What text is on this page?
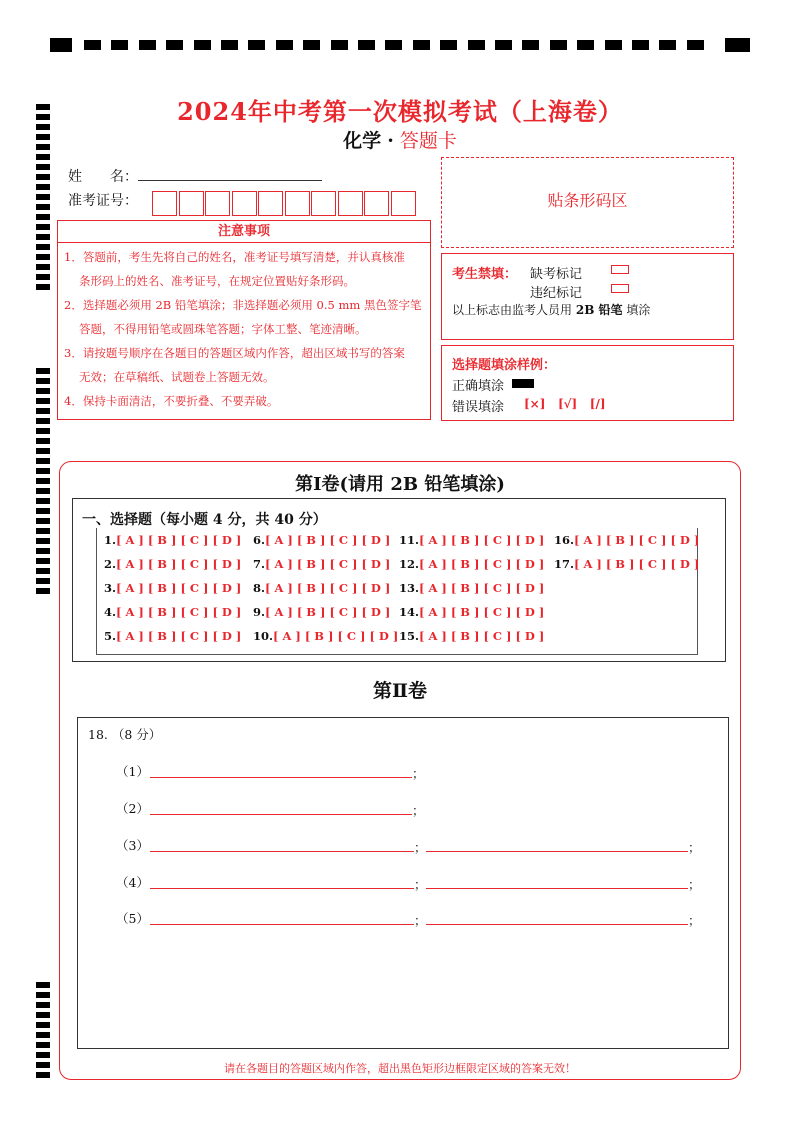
2024年中考第一次模拟考试（上海卷）
化学 · 答题卡
姓　　名：
准考证号：	贴条形码区
注意事项
1．答题前，考生先将自己的姓名，准考证号填写清楚，并认真核准
条形码上的姓名、准考证号，在规定位置贴好条形码。
2．选择题必须用 2B 铅笔填涂；非选择题必须用 0.5 mm 黑色签字笔
答题，不得用铅笔或圆珠笔答题；字体工整、笔迹清晰。
3．请按题号顺序在各题目的答题区域内作答，超出区域书写的答案
无效；在草稿纸、试题卷上答题无效。
4．保持卡面清洁，不要折叠、不要弄破。
考生禁填： 缺考标记
违纪标记
以上标志由监考人员用 2B 铅笔 填涂
选择题填涂样例：
正确填涂
错误填涂 [×] [√] [/]
第Ⅰ卷(请用 2B 铅笔填涂)
一、选择题（每小题 4 分，共 40 分）
1.[ A ] [ B ] [ C ] [ D ]
2.[ A ] [ B ] [ C ] [ D ]
3.[ A ] [ B ] [ C ] [ D ]
4.[ A ] [ B ] [ C ] [ D ]
5.[ A ] [ B ] [ C ] [ D ]
6.[ A ] [ B ] [ C ] [ D ]
7.[ A ] [ B ] [ C ] [ D ]
8.[ A ] [ B ] [ C ] [ D ]
9.[ A ] [ B ] [ C ] [ D ]
10.[ A ] [ B ] [ C ] [ D ]
11.[ A ] [ B ] [ C ] [ D ]
12.[ A ] [ B ] [ C ] [ D ]
13.[ A ] [ B ] [ C ] [ D ]
14.[ A ] [ B ] [ C ] [ D ]
15.[ A ] [ B ] [ C ] [ D ]
16.[ A ] [ B ] [ C ] [ D ]
17.[ A ] [ B ] [ C ] [ D ]
第Ⅱ卷
18. （8 分）
（1）	；
（2）	；
（3）	；	；
（4）	；	；
（5）	；	；
请在各题目的答题区域内作答，超出黑色矩形边框限定区域的答案无效！
